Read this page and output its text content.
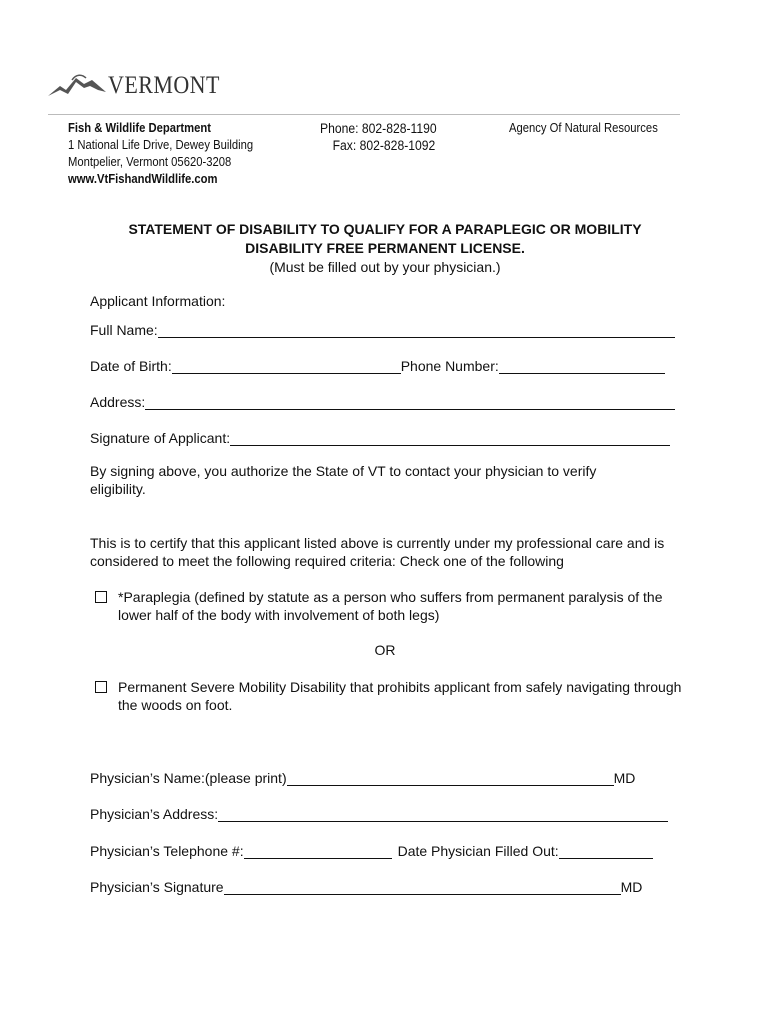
VERMONT
Fish & Wildlife Department
1 National Life Drive, Dewey Building
Montpelier, Vermont 05620-3208
www.VtFishandWildlife.com
Phone: 802-828-1190
Fax: 802-828-1092
Agency Of Natural Resources
STATEMENT OF DISABILITY TO QUALIFY FOR A PARAPLEGIC OR MOBILITY
DISABILITY FREE PERMANENT LICENSE.
(Must be filled out by your physician.)
Applicant Information:
Full Name:
Date of Birth:	Phone Number:
Address:
Signature of Applicant:
By signing above, you authorize the State of VT to contact your physician to verify eligibility.
This is to certify that this applicant listed above is currently under my professional care and is considered to meet the following required criteria: Check one of the following
*Paraplegia (defined by statute as a person who suffers from permanent paralysis of the lower half of the body with involvement of both legs)
OR
Permanent Severe Mobility Disability that prohibits applicant from safely navigating through the woods on foot.
Physician’s Name:(please print)	MD
Physician’s Address:
Physician’s Telephone #:	Date Physician Filled Out:
Physician’s Signature	MD
